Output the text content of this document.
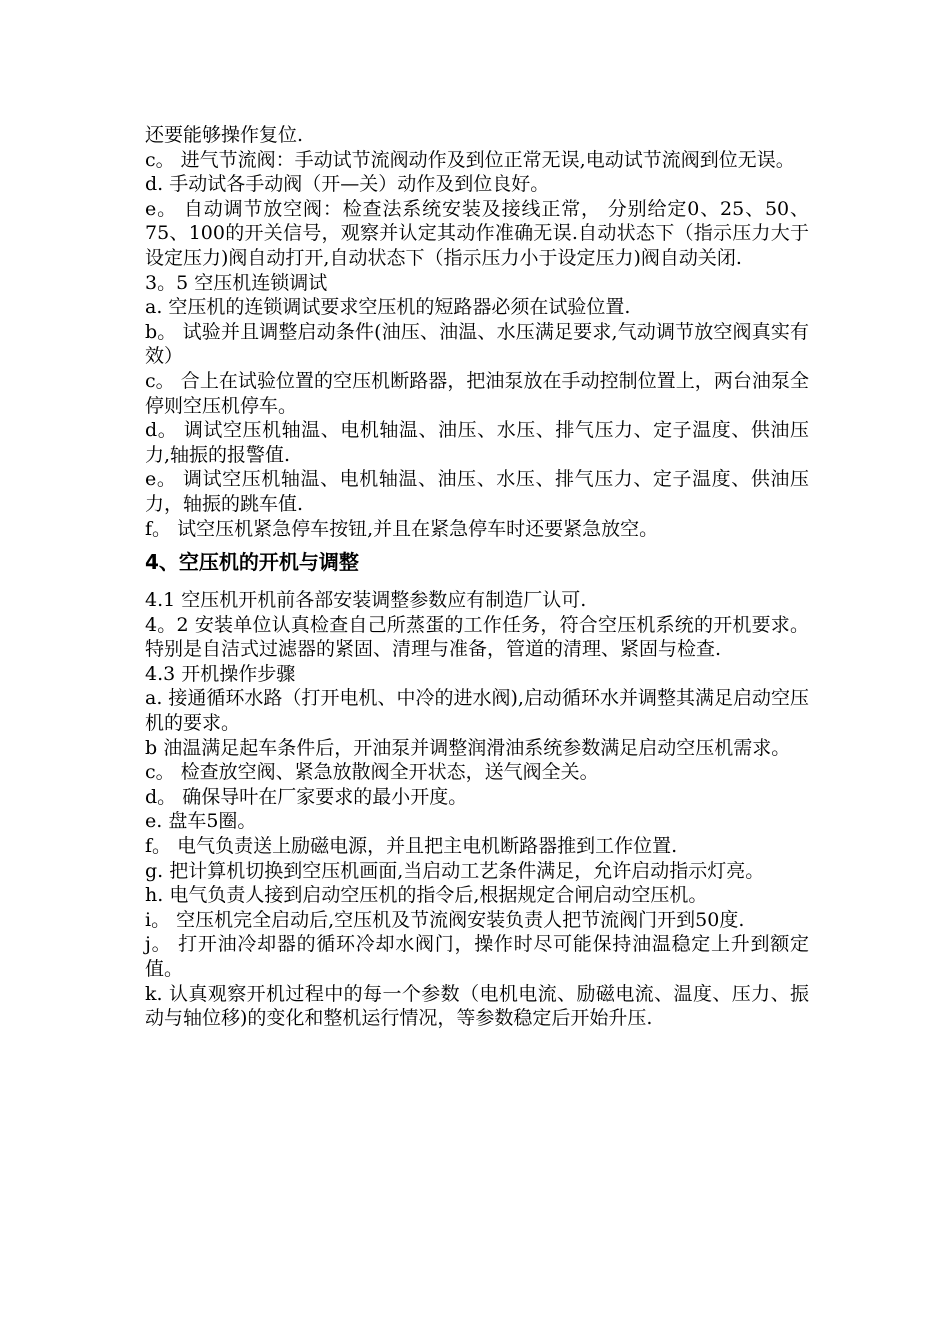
还要能够操作复位.

c。 进气节流阀：手动试节流阀动作及到位正常无误,电动试节流阀到位无误。

d. 手动试各手动阀（开—关）动作及到位良好。

e。 自动调节放空阀：检查法系统安装及接线正常， 分别给定0、25、50、75、100的开关信号，观察并认定其动作准确无误.自动状态下（指示压力大于设定压力)阀自动打开,自动状态下（指示压力小于设定压力)阀自动关闭.

3。5 空压机连锁调试

a. 空压机的连锁调试要求空压机的短路器必须在试验位置.

b。 试验并且调整启动条件(油压、油温、水压满足要求,气动调节放空阀真实有效）

c。 合上在试验位置的空压机断路器，把油泵放在手动控制位置上，两台油泵全停则空压机停车。

d。 调试空压机轴温、电机轴温、油压、水压、排气压力、定子温度、供油压力,轴振的报警值.

e。 调试空压机轴温、电机轴温、油压、水压、排气压力、定子温度、供油压力，轴振的跳车值.

f。 试空压机紧急停车按钮,并且在紧急停车时还要紧急放空。

4、空压机的开机与调整

4.1 空压机开机前各部安装调整参数应有制造厂认可.

4。2 安装单位认真检查自己所蒸蛋的工作任务，符合空压机系统的开机要求。特别是自洁式过滤器的紧固、清理与准备，管道的清理、紧固与检查.

4.3 开机操作步骤

a. 接通循环水路（打开电机、中冷的进水阀),启动循环水并调整其满足启动空压机的要求。

b 油温满足起车条件后，开油泵并调整润滑油系统参数满足启动空压机需求。

c。 检查放空阀、紧急放散阀全开状态，送气阀全关。

d。 确保导叶在厂家要求的最小开度。

e. 盘车5圈。

f。 电气负责送上励磁电源，并且把主电机断路器推到工作位置.

g. 把计算机切换到空压机画面,当启动工艺条件满足，允许启动指示灯亮。

h. 电气负责人接到启动空压机的指令后,根据规定合闸启动空压机。

i。 空压机完全启动后,空压机及节流阀安装负责人把节流阀门开到50度.

j。 打开油冷却器的循环冷却水阀门，操作时尽可能保持油温稳定上升到额定值。

k. 认真观察开机过程中的每一个参数（电机电流、励磁电流、温度、压力、振动与轴位移)的变化和整机运行情况，等参数稳定后开始升压.
